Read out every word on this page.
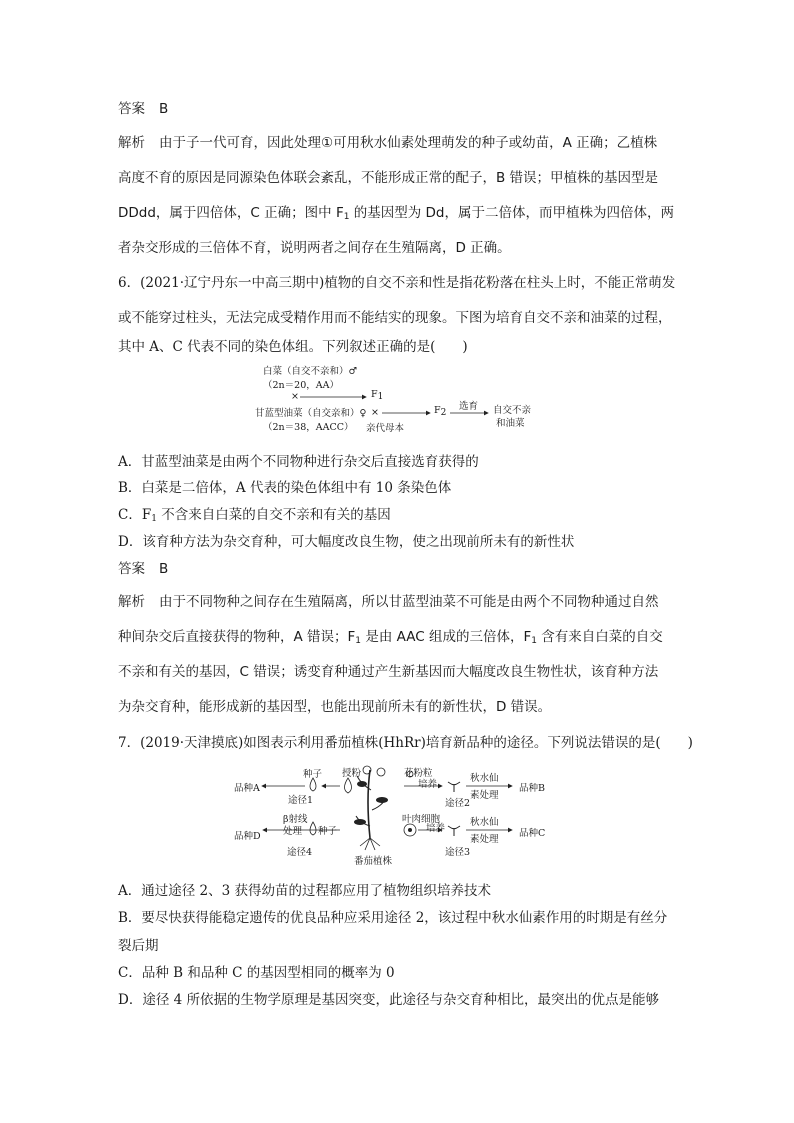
答案 B
解析 由于子一代可育，因此处理①可用秋水仙素处理萌发的种子或幼苗，A 正确；乙植株
高度不育的原因是同源染色体联会紊乱，不能形成正常的配子，B 错误；甲植株的基因型是
DDdd，属于四倍体，C 正确；图中 $F_1$ 的基因型为 Dd，属于二倍体，而甲植株为四倍体，两
者杂交形成的三倍体不育，说明两者之间存在生殖隔离，D 正确。
6．(2021·辽宁丹东一中高三期中)植物的自交不亲和性是指花粉落在柱头上时，不能正常萌发
或不能穿过柱头，无法完成受精作用而不能结实的现象。下图为培育自交不亲和油菜的过程，
其中 A、C 代表不同的染色体组。下列叙述正确的是(　　)
白菜（自交不亲和）♂
（2n＝20，AA）
×	$F_1$
甘蓝型油菜（自交亲和）♀
（2n＝38，AACC）
×
亲代母本
$F_2$
选育 自交不亲
和油菜
A．甘蓝型油菜是由两个不同物种进行杂交后直接选育获得的
B．白菜是二倍体，A 代表的染色体组中有 10 条染色体
C．$F_1$ 不含来自白菜的自交不亲和有关的基因
D．该育种方法为杂交育种，可大幅度改良生物，使之出现前所未有的新性状
答案 B
解析 由于不同物种之间存在生殖隔离，所以甘蓝型油菜不可能是由两个不同物种通过自然
种间杂交后直接获得的物种，A 错误；$F_1$ 是由 AAC 组成的三倍体，$F_1$ 含有来自白菜的自交
不亲和有关的基因，C 错误；诱变育种通过产生新基因而大幅度改良生物性状，该育种方法
为杂交育种，能形成新的基因型，也能出现前所未有的新性状，D 错误。
7．(2019·天津摸底)如图表示利用番茄植株(HhRr)培育新品种的途径。下列说法错误的是(　　)
种子
品种A
途径1
授粉	花粉粒
培养
秋水仙
素处理
品种B
途径2
β射线
处理 种子
品种D
途径4
叶肉细胞
培养
秋水仙
素处理
品种C
途径3
番茄植株
A．通过途径 2、3 获得幼苗的过程都应用了植物组织培养技术
B．要尽快获得能稳定遗传的优良品种应采用途径 2，该过程中秋水仙素作用的时期是有丝分
裂后期
C．品种 B 和品种 C 的基因型相同的概率为 0
D．途径 4 所依据的生物学原理是基因突变，此途径与杂交育种相比，最突出的优点是能够
